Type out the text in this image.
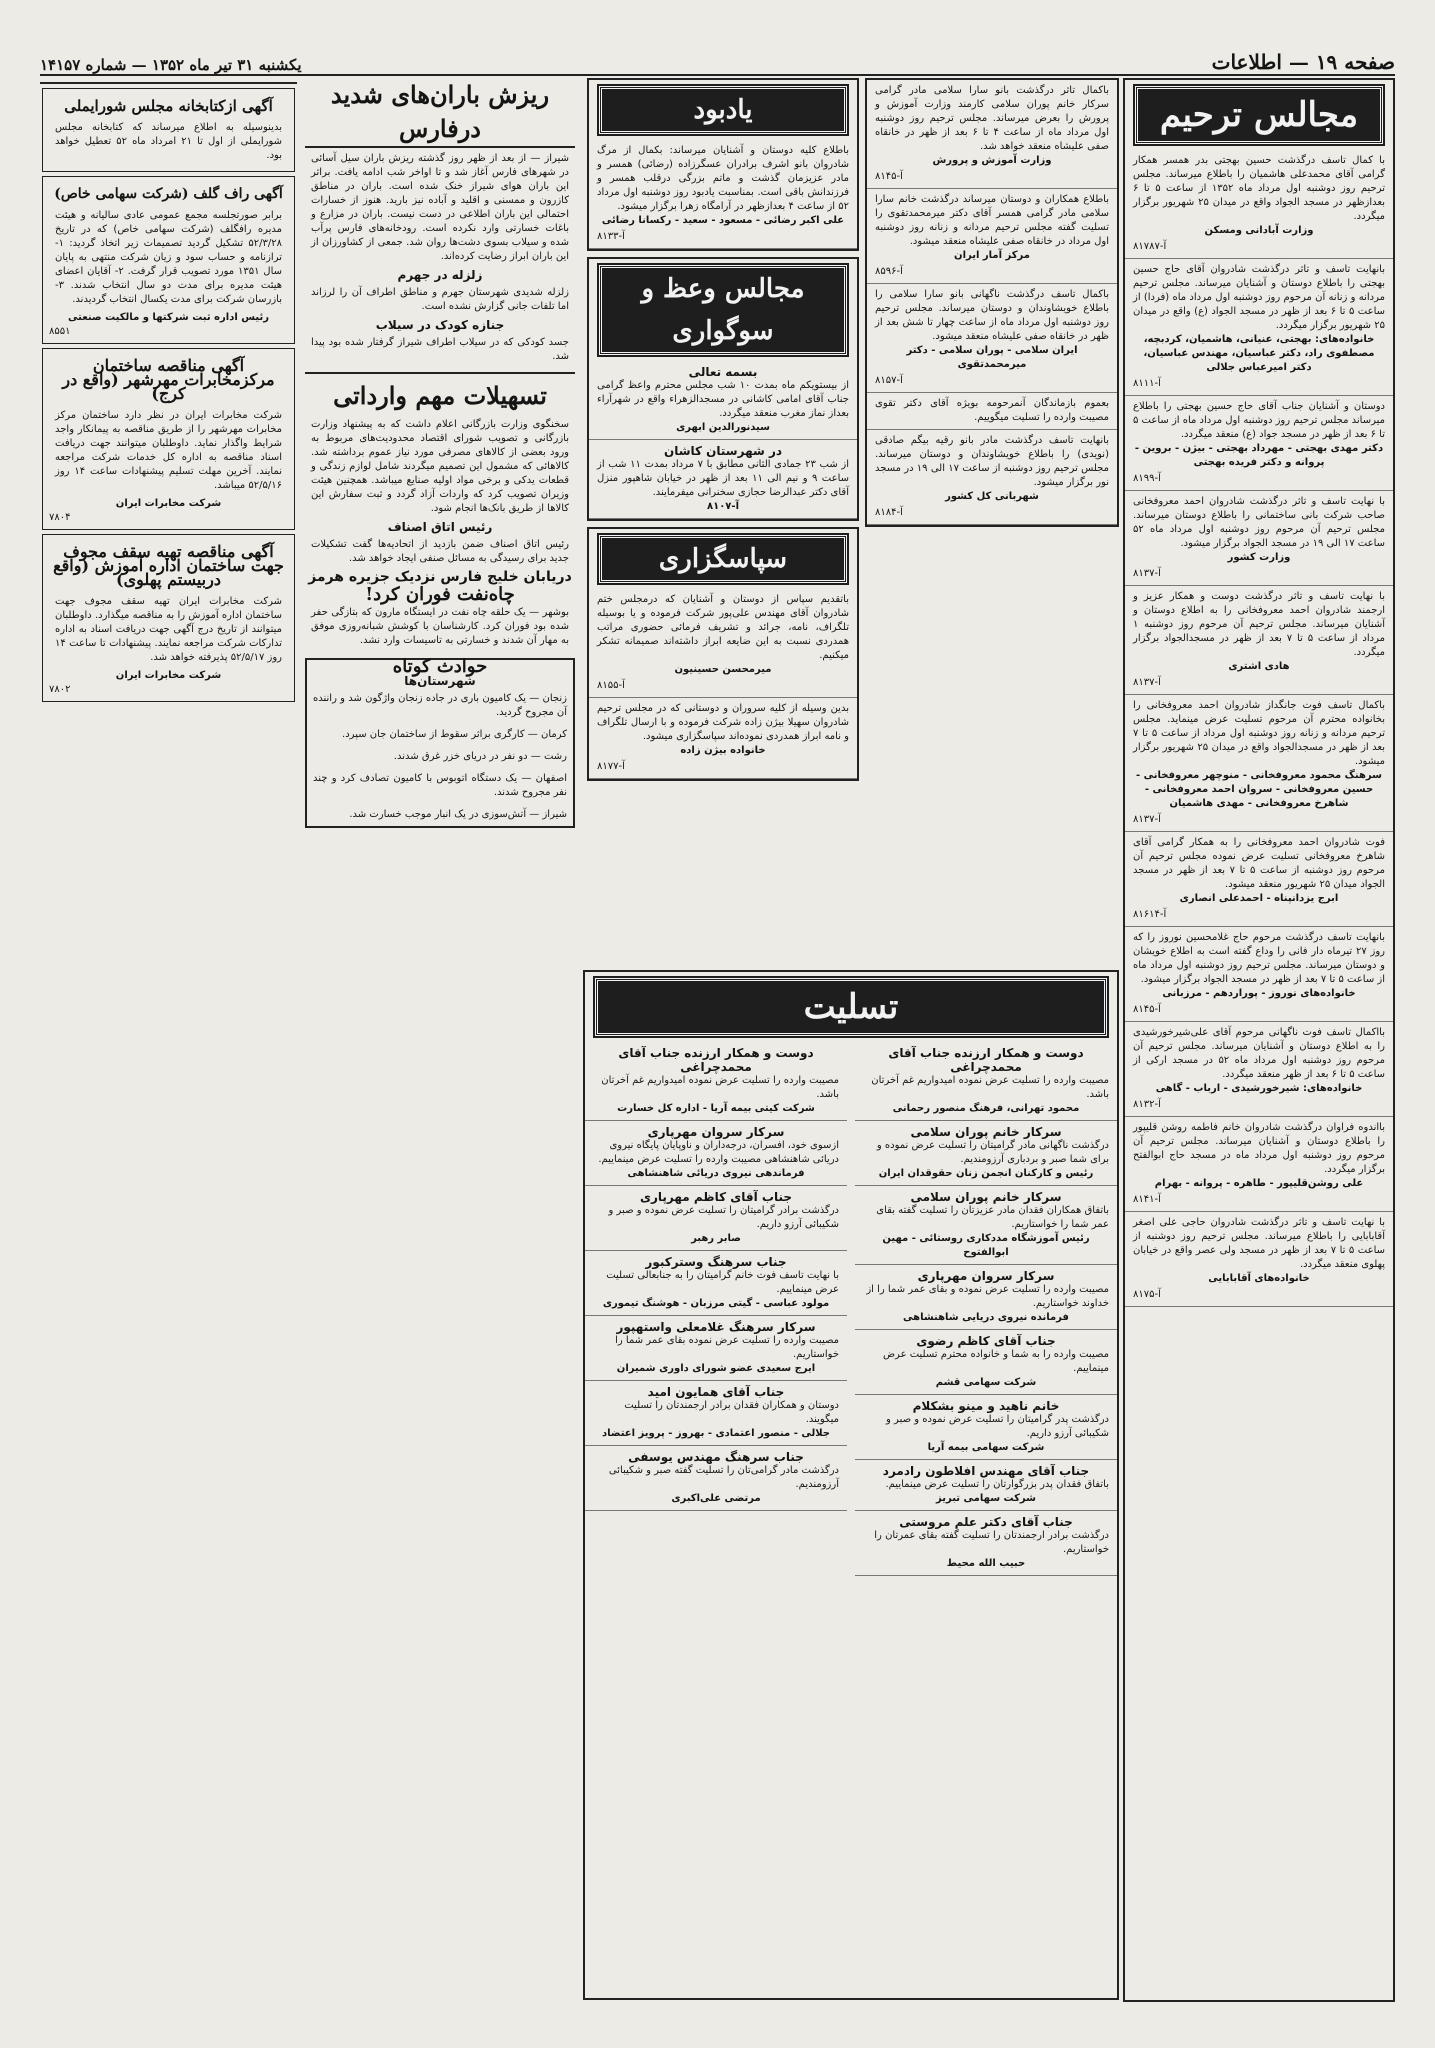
صفحه ۱۹ — اطلاعات
یکشنبه ۳۱ تیر ماه ۱۳۵۲ — شماره ۱۴۱۵۷
مجالس ترحیم

با کمال تاسف درگذشت حسین بهجتی بدر همسر همکار گرامی آقای محمدعلی هاشمیان را باطلاع میرساند. مجلس ترحیم روز دوشنبه اول مرداد ماه ۱۳۵۲ از ساعت ۵ تا ۶ بعدازظهر در مسجد الجواد واقع در میدان ۲۵ شهریور برگزار میگردد.

وزارت آبادانی ومسکن
آ-۸۱۷۸۷

بانهایت تاسف و تاثر درگذشت شادروان آقای حاج حسین بهجتی را باطلاع دوستان و آشنایان میرساند. مجلس ترحیم مردانه و زنانه آن مرحوم روز دوشنبه اول مرداد ماه (فردا) از ساعت ۵ تا ۶ بعد از ظهر در مسجد الجواد (ع) واقع در میدان ۲۵ شهریور برگزار میگردد.

خانواده‌های: بهجتی، عنیانی، هاشمیان، کردبچه، مصطفوی راد، دکتر عباسیان، مهندس عباسیان، دکتر امیرعباس جلالی
آ-۸۱۱۱

دوستان و آشنایان جناب آقای حاج حسین بهجتی را باطلاع میرساند مجلس ترحیم روز دوشنبه اول مرداد ماه از ساعت ۵ تا ۶ بعد از ظهر در مسجد جواد (ع) منعقد میگردد.

دکتر مهدی بهجتی - مهرداد بهجتی - بیژن - بروین - پروانه و دکتر فریده بهجتی
آ-۸۱۹۹

با نهایت تاسف و تاثر درگذشت شادروان احمد معروفخانی صاحب شرکت بانی ساختمانی را باطلاع دوستان میرساند. مجلس ترحیم آن مرحوم روز دوشنبه اول مرداد ماه ۵۲ ساعت ۱۷ الی ۱۹ در مسجد الجواد برگزار میشود.

وزارت کشور
آ-۸۱۳۷

با نهایت تاسف و تاثر درگذشت دوست و همکار عزیز و ارجمند شادروان احمد معروفخانی را به اطلاع دوستان و آشنایان میرساند. مجلس ترحیم آن مرحوم روز دوشنبه ۱ مرداد از ساعت ۵ تا ۷ بعد از ظهر در مسجدالجواد برگزار میگردد.

هادی اشتری
آ-۸۱۳۷

باکمال تاسف فوت جانگداز شادروان احمد معروفخانی را بخانواده محترم آن مرحوم تسلیت عرض مینماید. مجلس ترحیم مردانه و زنانه روز دوشنبه اول مرداد از ساعت ۵ تا ۷ بعد از ظهر در مسجدالجواد واقع در میدان ۲۵ شهریور برگزار میشود.

سرهنگ محمود معروفخانی - منوچهر معروفخانی - حسین معروفخانی - سروان احمد معروفخانی - شاهرخ معروفخانی - مهدی هاشمیان
آ-۸۱۳۷

فوت شادروان احمد معروفخانی را به همکار گرامی آقای شاهرخ معروفخانی تسلیت عرض نموده مجلس ترحیم آن مرحوم روز دوشنبه از ساعت ۵ تا ۷ بعد از ظهر در مسجد الجواد میدان ۲۵ شهریور منعقد میشود.

ابرج یزدانپناه - احمدعلی انصاری
آ-۸۱۶۱۴

بانهایت تاسف درگذشت مرحوم حاج غلامحسین نوروز را که روز ۲۷ تیرماه دار فانی را وداع گفته است به اطلاع خویشان و دوستان میرساند. مجلس ترحیم روز دوشنبه اول مرداد ماه از ساعت ۵ تا ۷ بعد از ظهر در مسجد الجواد برگزار میشود.

خانواده‌های نوروز - پوراردهم - مرزبانی
آ-۸۱۴۵

بااکمال تاسف فوت ناگهانی مرحوم آقای علی‌شیرخورشیدی را به اطلاع دوستان و آشنایان میرساند. مجلس ترحیم آن مرحوم روز دوشنبه اول مرداد ماه ۵۲ در مسجد ارکی از ساعت ۵ تا ۶ بعد از ظهر منعقد میگردد.

خانواده‌های: شیرخورشیدی - ارباب - گاهی
آ-۸۱۳۲

بااندوه فراوان درگذشت شادروان خانم فاطمه روشن قلیپور را باطلاع دوستان و آشنایان میرساند. مجلس ترحیم آن مرحوم روز دوشنبه اول مرداد ماه در مسجد حاج ابوالفتح برگزار میگردد.

علی روشن‌قلیپور - طاهره - پروانه - بهرام
آ-۸۱۴۱

با نهایت تاسف و تاثر درگذشت شادروان حاجی علی اصغر آقابابایی را باطلاع میرساند. مجلس ترحیم روز دوشنبه از ساعت ۵ تا ۷ بعد از ظهر در مسجد ولی عصر واقع در خیابان پهلوی منعقد میگردد.

خانواده‌های آقابابایی
آ-۸۱۷۵

باکمال تاثر درگذشت بانو سارا سلامی مادر گرامی سرکار خانم پوران سلامی کارمند وزارت آموزش و پرورش را بعرض میرساند. مجلس ترحیم روز دوشنبه اول مرداد ماه از ساعت ۴ تا ۶ بعد از ظهر در خانقاه صفی علیشاه منعقد خواهد شد.

وزارت آموزش و پرورش
آ-۸۱۴۵

باطلاع همکاران و دوستان میرساند درگذشت خانم سارا سلامی مادر گرامی همسر آقای دکتر میرمحمدتقوی را تسلیت گفته مجلس ترحیم مردانه و زنانه روز دوشنبه اول مرداد در خانقاه صفی علیشاه منعقد میشود.

مرکز آمار ایران
آ-۸۵۹۶

باکمال تاسف درگذشت ناگهانی بانو سارا سلامی را باطلاع خویشاوندان و دوستان میرساند. مجلس ترحیم روز دوشنبه اول مرداد ماه از ساعت چهار تا شش بعد از ظهر در خانقاه صفی علیشاه منعقد میشود.

ایران سلامی - پوران سلامی - دکتر میرمحمدتقوی
آ-۸۱۵۷

بعموم بازماندگان آنمرحومه بویژه آقای دکتر تقوی مصیبت وارده را تسلیت میگوییم.

بانهایت تاسف درگذشت مادر بانو رقیه بیگم صادقی (نویدی) را باطلاع خویشاوندان و دوستان میرساند. مجلس ترحیم روز دوشنبه از ساعت ۱۷ الی ۱۹ در مسجد نور برگزار میشود.

شهربانی کل کشور
آ-۸۱۸۴
یادبود

باطلاع کلیه دوستان و آشنایان میرساند: بکمال از مرگ شادروان بانو اشرف برادران عسگرزاده (رضائی) همسر و مادر عزیزمان گذشت و ماتم بزرگی درقلب همسر و فرزندانش باقی است. بمناسبت یادبود روز دوشنبه اول مرداد ۵۲ از ساعت ۴ بعدازظهر در آرامگاه زهرا برگزار میشود.

علی اکبر رضائی - مسعود - سعید - رکسانا رضائی
آ-۸۱۳۳
مجالس وعظ و سوگواری
بسمه تعالی

از بیستویکم ماه بمدت ۱۰ شب مجلس محترم واعظ گرامی جناب آقای امامی کاشانی در مسجدالزهراء واقع در شهرآراء بعداز نماز مغرب منعقد میگردد.

سیدنورالدین ابهری
در شهرستان کاشان

از شب ۲۳ جمادی الثانی مطابق با ۷ مرداد بمدت ۱۱ شب از ساعت ۹ و نیم الی ۱۱ بعد از ظهر در خیابان شاهپور منزل آقای دکتر عبدالرضا حجازی سخنرانی میفرمایند.

آ-۸۱۰۷
سپاسگزاری

باتقدیم سپاس از دوستان و آشنایان که درمجلس ختم شادروان آقای مهندس علی‌پور شرکت فرموده و یا بوسیله تلگراف، نامه، جرائد و تشریف فرمائی حضوری مراتب همدردی نسبت به این ضایعه ابراز داشته‌اند صمیمانه تشکر میکنیم.

میرمحسن حسینیون
آ-۸۱۵۵

بدین وسیله از کلیه سروران و دوستانی که در مجلس ترحیم شادروان سهیلا بیژن زاده شرکت فرموده و با ارسال تلگراف و نامه ابراز همدردی نموده‌اند سپاسگزاری میشود.

خانواده بیژن زاده
آ-۸۱۷۷
تسلیت
دوست و همکار ارزنده جناب آقای محمدچراغی

مصیبت وارده را تسلیت عرض نموده امیدواریم غم آخرتان باشد.

محمود تهرانی، فرهنگ منصور رحمانی
سرکار خانم پوران سلامی

درگذشت ناگهانی مادر گرامیتان را تسلیت عرض نموده و برای شما صبر و بردباری آرزومندیم.

رئیس و کارکنان انجمن زنان حقوقدان ایران
سرکار خانم پوران سلامی

باتفاق همکاران فقدان مادر عزیزتان را تسلیت گفته بقای عمر شما را خواستاریم.

رئیس آموزشگاه مددکاری روستائی - مهین ابوالفتوح
سرکار سروان مهرپاری

مصیبت وارده را تسلیت عرض نموده و بقای عمر شما را از خداوند خواستاریم.

فرمانده نیروی دریایی شاهنشاهی
جناب آقای کاظم رضوی

مصیبت وارده را به شما و خانواده محترم تسلیت عرض مینماییم.

شرکت سهامی قشم
خانم ناهید و مینو بشکلام

درگذشت پدر گرامیتان را تسلیت عرض نموده و صبر و شکیبائی آرزو داریم.

شرکت سهامی بیمه آریا
جناب آقای مهندس افلاطون رادمرد

باتفاق فقدان پدر بزرگوارتان را تسلیت عرض مینماییم.

شرکت سهامی تبریز
جناب آقای دکتر علم مروستی

درگذشت برادر ارجمندتان را تسلیت گفته بقای عمرتان را خواستاریم.

حبیب الله محیط
دوست و همکار ارزنده جناب آقای محمدچراغی

مصیبت وارده را تسلیت عرض نموده امیدواریم غم آخرتان باشد.

شرکت کیتی بیمه آریا - اداره کل خسارت
سرکار سروان مهرپاری

ازسوی خود، افسران، درجه‌داران و ناوپایان پایگاه نیروی دریائی شاهنشاهی مصیبت وارده را تسلیت عرض مینماییم.

فرماندهی نیروی دریائی شاهنشاهی
جناب آقای کاظم مهرپاری

درگذشت برادر گرامیتان را تسلیت عرض نموده و صبر و شکیبائی آرزو داریم.

صابر رهبر
جناب سرهنگ وسترکبور

با نهایت تاسف فوت خانم گرامیتان را به جنابعالی تسلیت عرض مینماییم.

مولود عباسی - گیتی مرزبان - هوشنگ تیموری
سرکار سرهنگ غلامعلی واستهپور

مصیبت وارده را تسلیت عرض نموده بقای عمر شما را خواستاریم.

ایرج سعیدی عضو شورای داوری شمیران
جناب آقای همایون امید

دوستان و همکاران فقدان برادر ارجمندتان را تسلیت میگویند.

جلالی - منصور اعتمادی - بهروز - پرویز اعتضاد
جناب سرهنگ مهندس یوسفی

درگذشت مادر گرامی‌تان را تسلیت گفته صبر و شکیبائی آرزومندیم.

مرتضی علی‌اکبری
ریزش باران‌های شدید درفارس
شیراز — از بعد از ظهر روز گذشته ریزش باران سیل آسائی در شهرهای فارس آغاز شد و تا اواخر شب ادامه یافت. براثر این باران هوای شیراز خنک شده است. باران در مناطق کازرون و ممسنی و اقلید و آباده نیز بارید. هنوز از خسارات احتمالی این باران اطلاعی در دست نیست. باران در مزارع و باغات خسارتی وارد نکرده است. رودخانه‌های فارس پرآب شده و سیلاب بسوی دشت‌ها روان شد. جمعی از کشاورزان از این باران ابراز رضایت کرده‌اند.
زلزله در جهرم
زلزله شدیدی شهرستان جهرم و مناطق اطراف آن را لرزاند اما تلفات جانی گزارش نشده است.
جنازه کودک در سیلاب
جسد کودکی که در سیلاب اطراف شیراز گرفتار شده بود پیدا شد.
تسهیلات مهم وارداتی
سخنگوی وزارت بازرگانی اعلام داشت که به پیشنهاد وزارت بازرگانی و تصویب شورای اقتصاد محدودیت‌های مربوط به ورود بعضی از کالاهای مصرفی مورد نیاز عموم برداشته شد. کالاهائی که مشمول این تصمیم میگردند شامل لوازم زندگی و قطعات یدکی و برخی مواد اولیه صنایع میباشد. همچنین هیئت وزیران تصویب کرد که واردات آزاد گردد و ثبت سفارش این کالاها از طریق بانک‌ها انجام شود.
رئیس اتاق اصناف
رئیس اتاق اصناف ضمن بازدید از اتحادیه‌ها گفت تشکیلات جدید برای رسیدگی به مسائل صنفی ایجاد خواهد شد.
دریابان خلیج فارس نزدیک جزیره هرمز
چاه‌نفت فوران کرد!
بوشهر — یک حلقه چاه نفت در ایستگاه مارون که بتازگی حفر شده بود فوران کرد. کارشناسان با کوشش شبانه‌روزی موفق به مهار آن شدند و خسارتی به تاسیسات وارد نشد.
حوادث کوتاه
شهرستان‌ها
زنجان — یک کامیون باری در جاده زنجان واژگون شد و راننده آن مجروح گردید.
کرمان — کارگری براثر سقوط از ساختمان جان سپرد.
رشت — دو نفر در دریای خزر غرق شدند.
اصفهان — یک دستگاه اتوبوس با کامیون تصادف کرد و چند نفر مجروح شدند.
شیراز — آتش‌سوزی در یک انبار موجب خسارت شد.
آگهی ازکتابخانه مجلس شورایملی
بدینوسیله به اطلاع میرساند که کتابخانه مجلس شورایملی از اول تا ۲۱ امرداد ماه ۵۲ تعطیل خواهد بود.
آگهی راف گلف (شرکت سهامی خاص)
برابر صورتجلسه مجمع عمومی عادی سالیانه و هیئت مدیره رافگلف (شرکت سهامی خاص) که در تاریخ ۵۲/۳/۲۸ تشکیل گردید تصمیمات زیر اتخاذ گردید: ۱- ترازنامه و حساب سود و زیان شرکت منتهی به پایان سال ۱۳۵۱ مورد تصویب قرار گرفت. ۲- آقایان اعضای هیئت مدیره برای مدت دو سال انتخاب شدند. ۳- بازرسان شرکت برای مدت یکسال انتخاب گردیدند.
رئیس اداره ثبت شرکتها و مالکیت صنعتی
۸۵۵۱
آگهی مناقصه ساختمان مرکزمخابرات مهرشهر (واقع در کرج)
شرکت مخابرات ایران در نظر دارد ساختمان مرکز مخابرات مهرشهر را از طریق مناقصه به پیمانکار واجد شرایط واگذار نماید. داوطلبان میتوانند جهت دریافت اسناد مناقصه به اداره کل خدمات شرکت مراجعه نمایند. آخرین مهلت تسلیم پیشنهادات ساعت ۱۴ روز ۵۲/۵/۱۶ میباشد.
شرکت مخابرات ایران
۷۸۰۴
آگهی مناقصه تهیه سقف مجوف جهت ساختمان اداره آموزش (واقع دربیستم پهلوی)
شرکت مخابرات ایران تهیه سقف مجوف جهت ساختمان اداره آموزش را به مناقصه میگذارد. داوطلبان میتوانند از تاریخ درج آگهی جهت دریافت اسناد به اداره تدارکات شرکت مراجعه نمایند. پیشنهادات تا ساعت ۱۴ روز ۵۲/۵/۱۷ پذیرفته خواهد شد.
شرکت مخابرات ایران
۷۸۰۲
